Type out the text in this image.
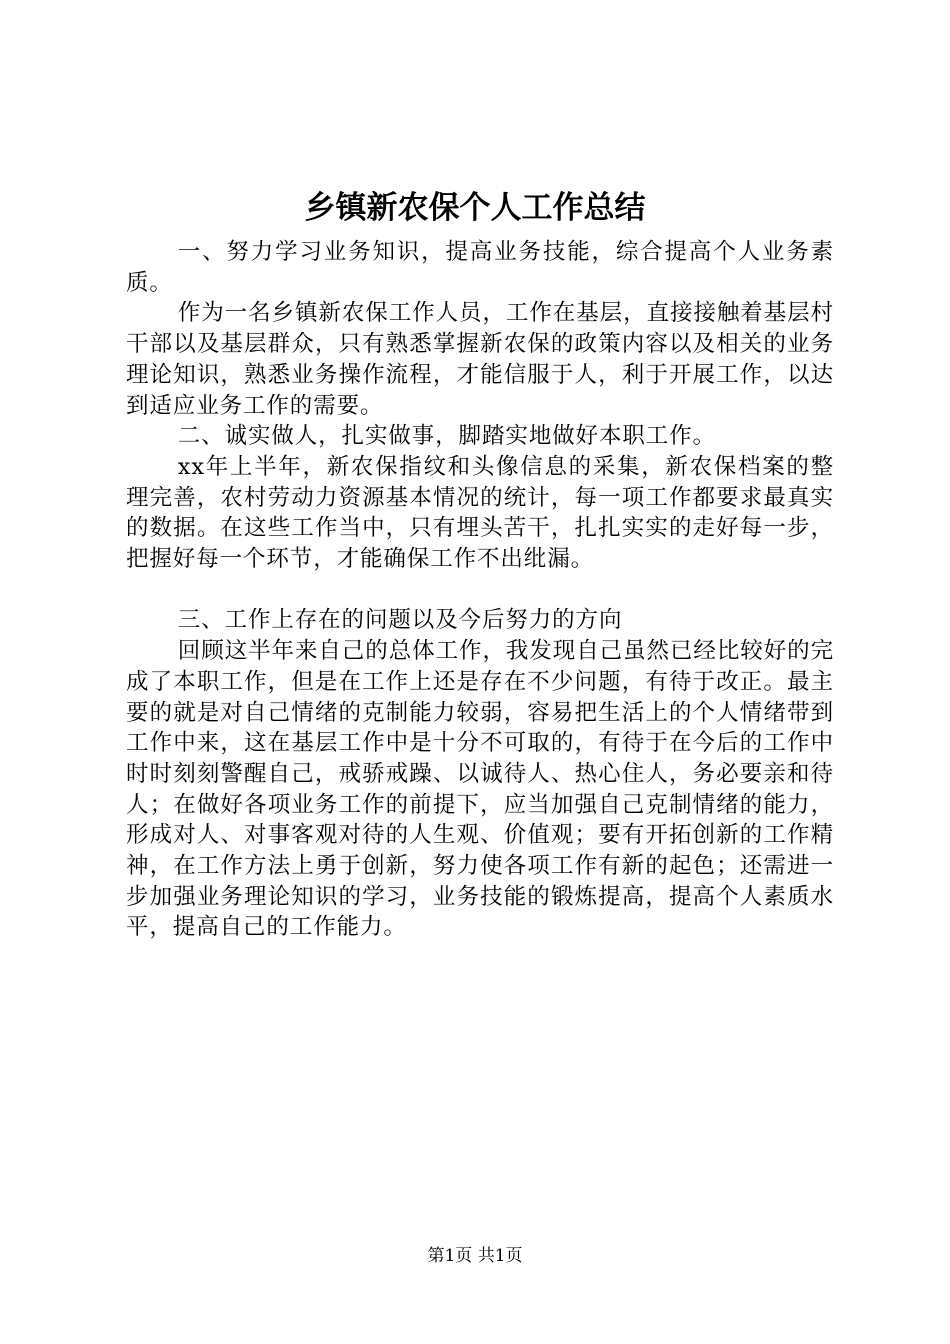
乡镇新农保个人工作总结

一、努力学习业务知识，提高业务技能，综合提高个人业务素质。

作为一名乡镇新农保工作人员，工作在基层，直接接触着基层村干部以及基层群众，只有熟悉掌握新农保的政策内容以及相关的业务理论知识，熟悉业务操作流程，才能信服于人，利于开展工作，以达到适应业务工作的需要。

二、诚实做人，扎实做事，脚踏实地做好本职工作。

xx年上半年，新农保指纹和头像信息的采集，新农保档案的整理完善，农村劳动力资源基本情况的统计，每一项工作都要求最真实的数据。在这些工作当中，只有埋头苦干，扎扎实实的走好每一步，把握好每一个环节，才能确保工作不出纰漏。

三、工作上存在的问题以及今后努力的方向

回顾这半年来自己的总体工作，我发现自己虽然已经比较好的完成了本职工作，但是在工作上还是存在不少问题，有待于改正。最主要的就是对自己情绪的克制能力较弱，容易把生活上的个人情绪带到工作中来，这在基层工作中是十分不可取的，有待于在今后的工作中时时刻刻警醒自己，戒骄戒躁、以诚待人、热心住人，务必要亲和待人；在做好各项业务工作的前提下，应当加强自己克制情绪的能力，形成对人、对事客观对待的人生观、价值观；要有开拓创新的工作精神，在工作方法上勇于创新，努力使各项工作有新的起色；还需进一步加强业务理论知识的学习，业务技能的锻炼提高，提高个人素质水平，提高自己的工作能力。

第1页 共1页
